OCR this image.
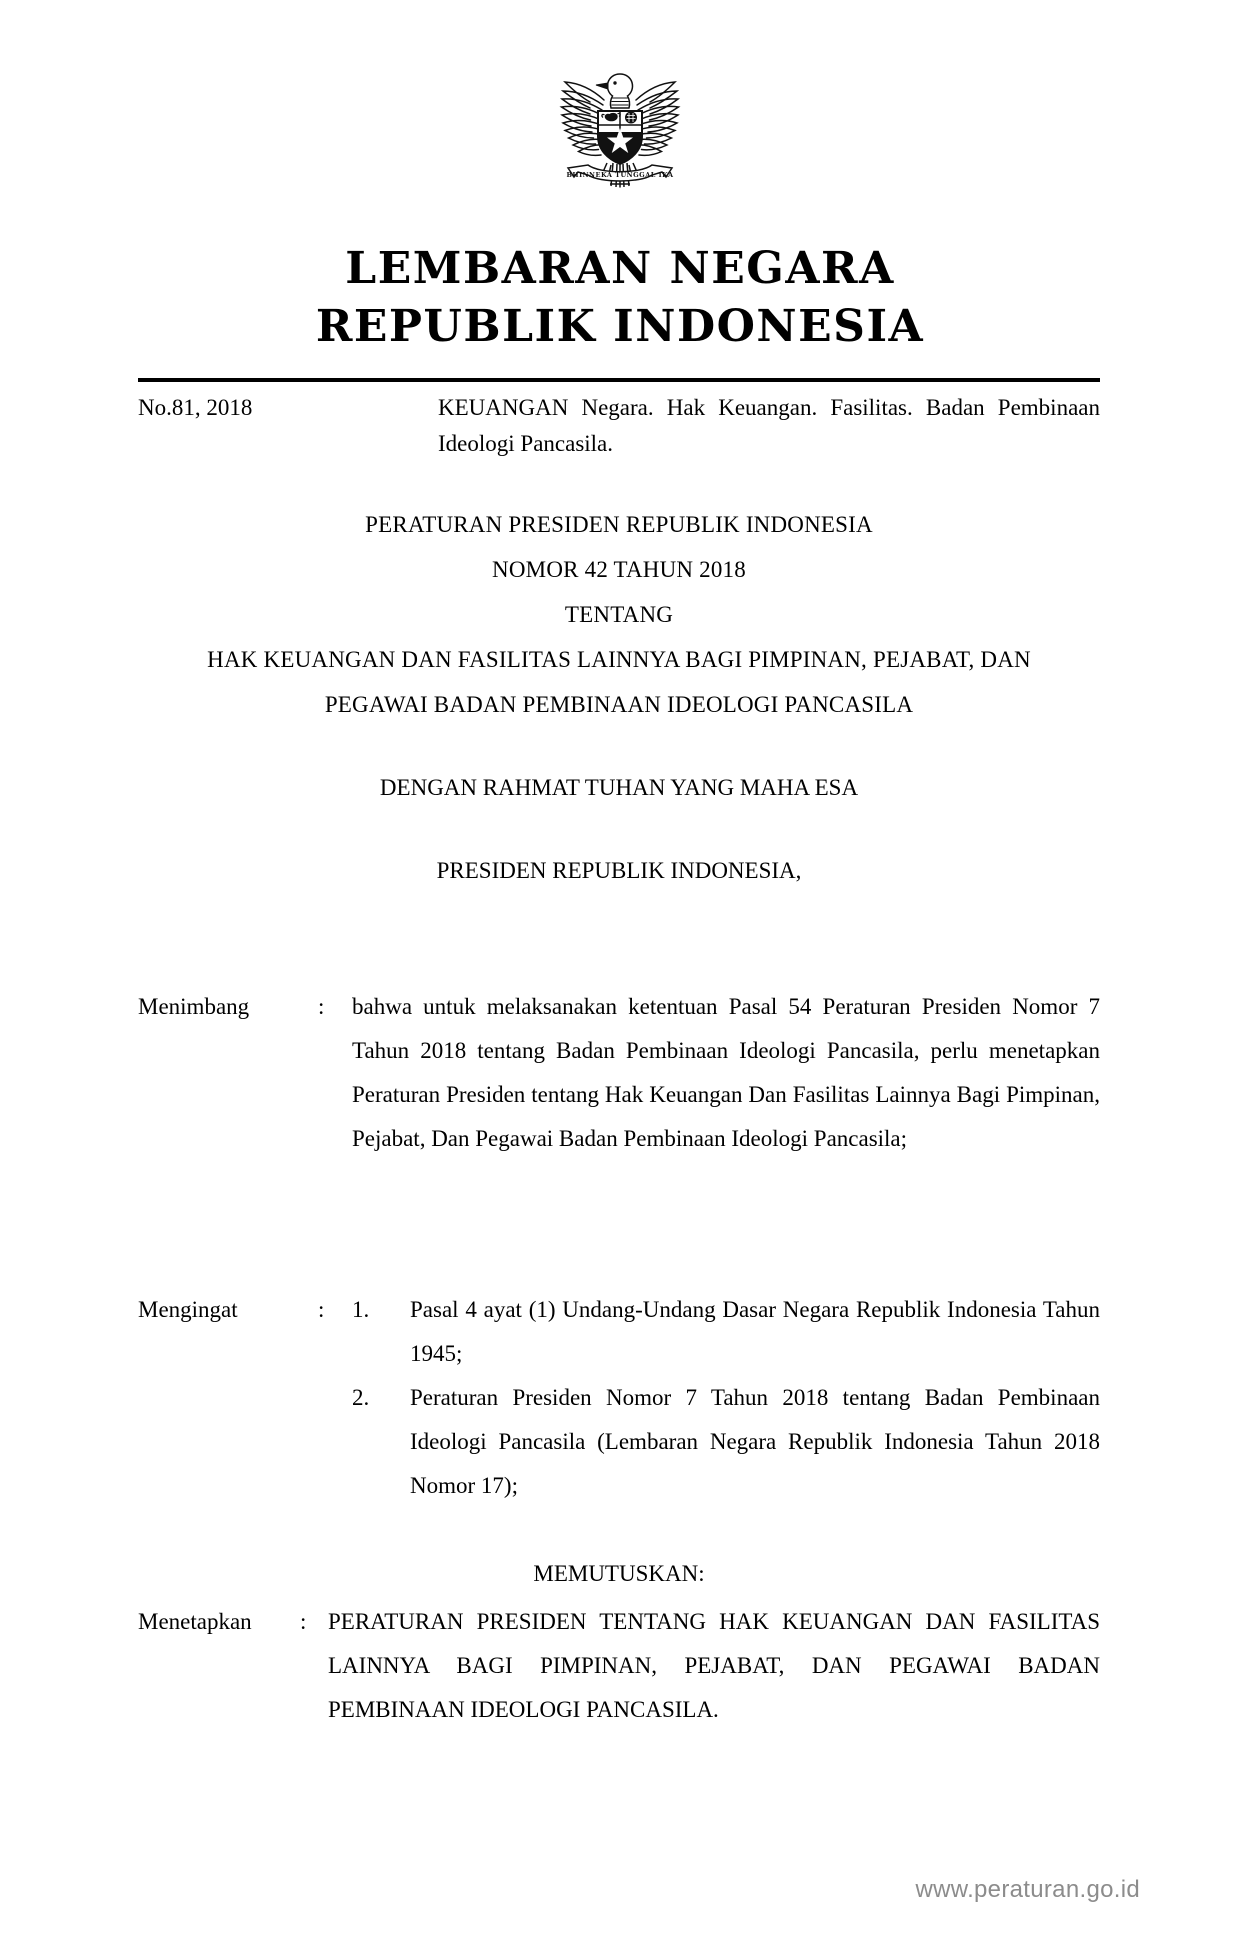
BHINNEKA TUNGGAL IKA
LEMBARAN NEGARA
REPUBLIK INDONESIA
No.81, 2018	KEUANGAN Negara. Hak Keuangan. Fasilitas. Badan Pembinaan Ideologi Pancasila.
PERATURAN PRESIDEN REPUBLIK INDONESIA
NOMOR 42 TAHUN 2018
TENTANG
HAK KEUANGAN DAN FASILITAS LAINNYA BAGI PIMPINAN, PEJABAT, DAN
PEGAWAI BADAN PEMBINAAN IDEOLOGI PANCASILA
DENGAN RAHMAT TUHAN YANG MAHA ESA
PRESIDEN REPUBLIK INDONESIA,
Menimbang	:	bahwa untuk melaksanakan ketentuan Pasal 54 Peraturan Presiden Nomor 7 Tahun 2018 tentang Badan Pembinaan Ideologi Pancasila, perlu menetapkan Peraturan Presiden tentang Hak Keuangan Dan Fasilitas Lainnya Bagi Pimpinan, Pejabat, Dan Pegawai Badan Pembinaan Ideologi Pancasila;
Mengingat	:	1.	Pasal 4 ayat (1) Undang-Undang Dasar Negara Republik Indonesia Tahun 1945;
2.	Peraturan Presiden Nomor 7 Tahun 2018 tentang Badan Pembinaan Ideologi Pancasila (Lembaran Negara Republik Indonesia Tahun 2018 Nomor 17);
MEMUTUSKAN:
Menetapkan	: PERATURAN PRESIDEN TENTANG HAK KEUANGAN DAN FASILITAS LAINNYA BAGI PIMPINAN, PEJABAT, DAN PEGAWAI BADAN PEMBINAAN IDEOLOGI PANCASILA.
www.peraturan.go.id
